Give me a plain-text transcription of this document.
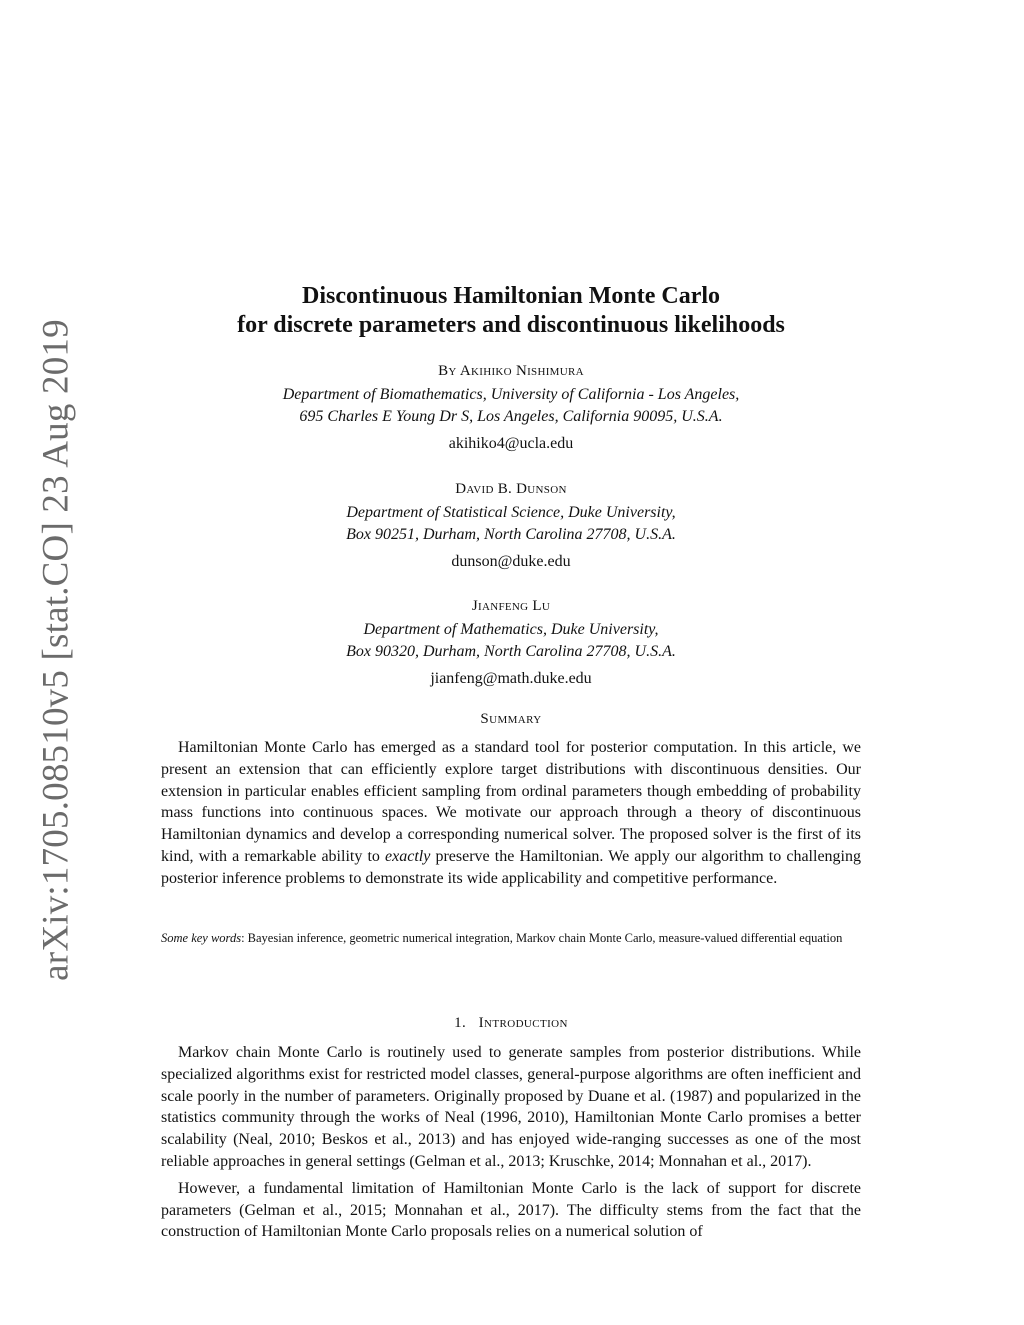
arXiv:1705.08510v5 [stat.CO] 23 Aug 2019
Discontinuous Hamiltonian Monte Carlo
for discrete parameters and discontinuous likelihoods
By Akihiko Nishimura
Department of Biomathematics, University of California - Los Angeles,
695 Charles E Young Dr S, Los Angeles, California 90095, U.S.A.
akihiko4@ucla.edu
David B. Dunson
Department of Statistical Science, Duke University,
Box 90251, Durham, North Carolina 27708, U.S.A.
dunson@duke.edu
Jianfeng Lu
Department of Mathematics, Duke University,
Box 90320, Durham, North Carolina 27708, U.S.A.
jianfeng@math.duke.edu
Summary

Hamiltonian Monte Carlo has emerged as a standard tool for posterior computation. In this article, we present an extension that can efficiently explore target distributions with discontinuous densities. Our extension in particular enables efficient sampling from ordinal parameters though embedding of probability mass functions into continuous spaces. We motivate our approach through a theory of discontinuous Hamiltonian dynamics and develop a corresponding numerical solver. The proposed solver is the first of its kind, with a remarkable ability to exactly preserve the Hamiltonian. We apply our algorithm to challenging posterior inference problems to demonstrate its wide applicability and competitive performance.

Some key words: Bayesian inference, geometric numerical integration, Markov chain Monte Carlo, measure-valued differential equation

1. Introduction

Markov chain Monte Carlo is routinely used to generate samples from posterior distributions. While specialized algorithms exist for restricted model classes, general-purpose algorithms are often inefficient and scale poorly in the number of parameters. Originally proposed by Duane et al. (1987) and popularized in the statistics community through the works of Neal (1996, 2010), Hamiltonian Monte Carlo promises a better scalability (Neal, 2010; Beskos et al., 2013) and has enjoyed wide-ranging successes as one of the most reliable approaches in general settings (Gelman et al., 2013; Kruschke, 2014; Monnahan et al., 2017).

However, a fundamental limitation of Hamiltonian Monte Carlo is the lack of support for discrete parameters (Gelman et al., 2015; Monnahan et al., 2017). The difficulty stems from the fact that the construction of Hamiltonian Monte Carlo proposals relies on a numerical solution of
